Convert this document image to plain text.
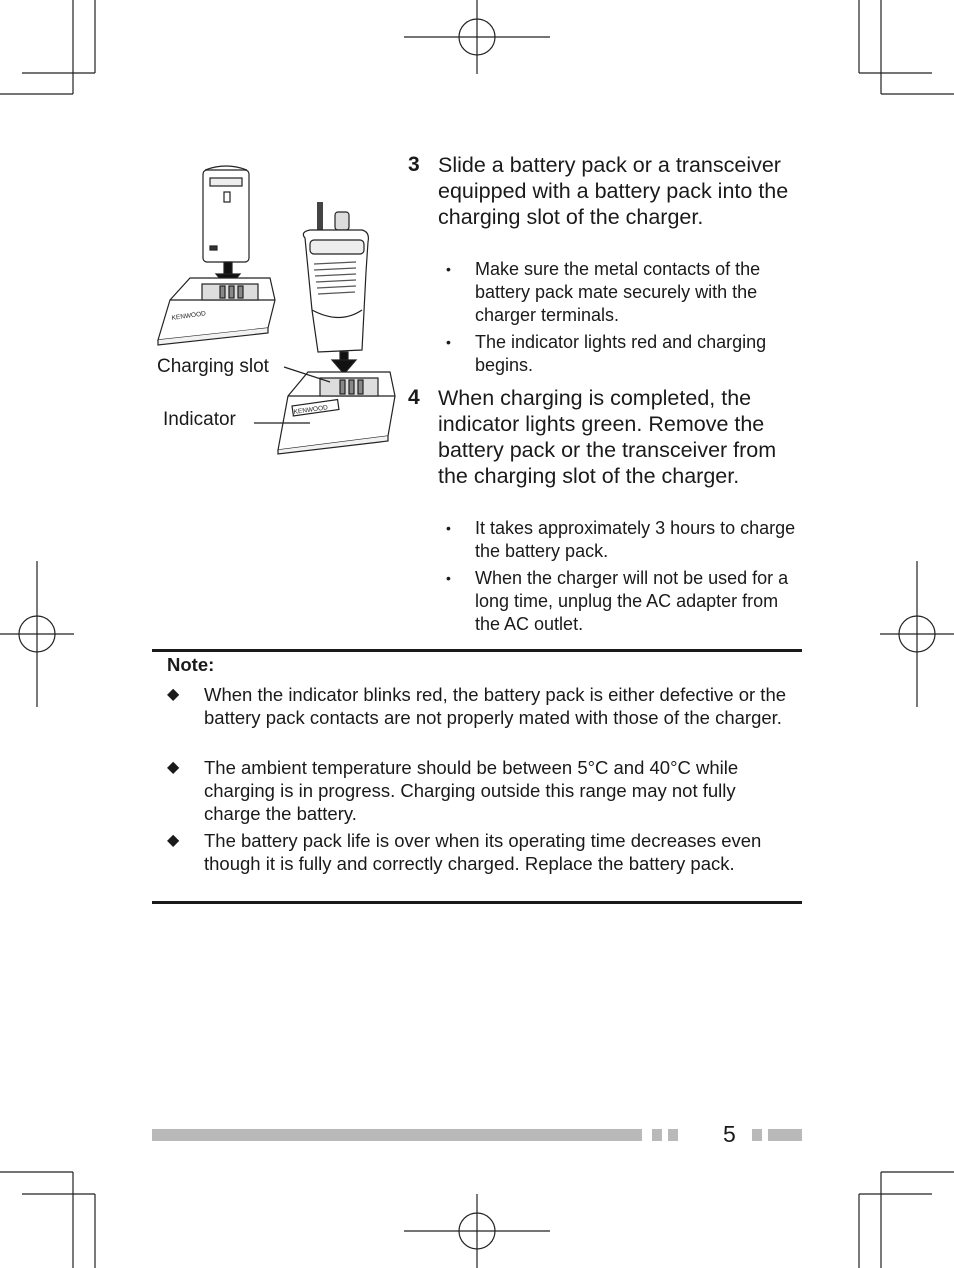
KENWOOD
KENWOOD
Charging slot
Indicator
3 Slide a battery pack or a transceiver equipped with a battery pack into the charging slot of the charger.
• Make sure the metal contacts of the battery pack mate securely with the charger terminals.
• The indicator lights red and charging begins.
4 When charging is completed, the indicator lights green. Remove the battery pack or the transceiver from the charging slot of the charger.
• It takes approximately 3 hours to charge the battery pack.
• When the charger will not be used for a long time, unplug the AC adapter from the AC outlet.
Note:
◆ When the indicator blinks red, the battery pack is either defective or the battery pack contacts are not properly mated with those of the charger.
◆ The ambient temperature should be between 5°C and 40°C while charging is in progress. Charging outside this range may not fully charge the battery.
◆ The battery pack life is over when its operating time decreases even though it is fully and correctly charged. Replace the battery pack.
5
